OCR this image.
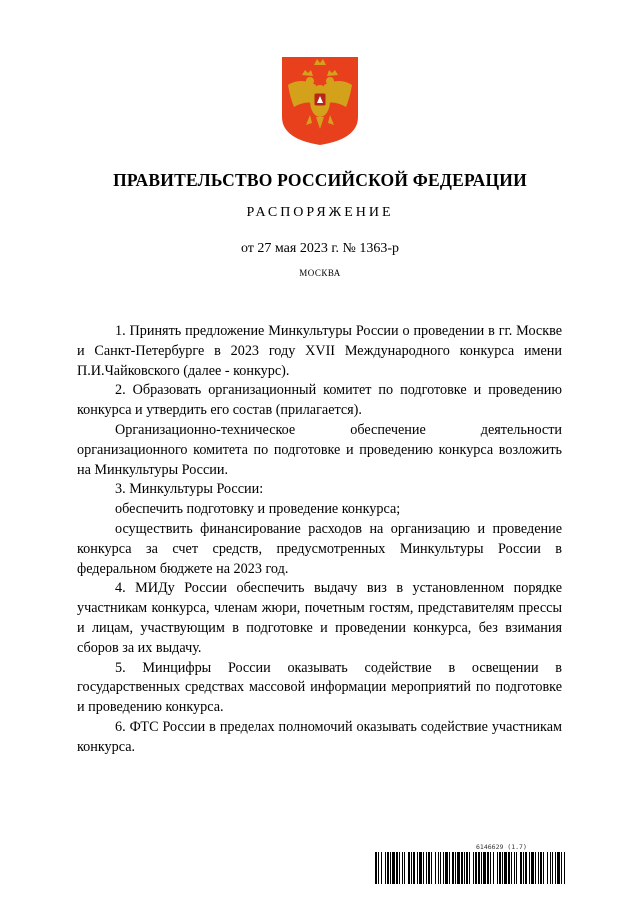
ПРАВИТЕЛЬСТВО РОССИЙСКОЙ ФЕДЕРАЦИИ
РАСПОРЯЖЕНИЕ
от 27 мая 2023 г. № 1363-р
МОСКВА

1. Принять предложение Минкультуры России о проведении в гг. Москве и Санкт-Петербурге в 2023 году XVII Международного конкурса имени П.И.Чайковского (далее - конкурс).

2. Образовать организационный комитет по подготовке и проведению конкурса и утвердить его состав (прилагается).

Организационно-техническое обеспечение деятельности организационного комитета по подготовке и проведению конкурса возложить на Минкультуры России.

3. Минкультуры России:

обеспечить подготовку и проведение конкурса;

осуществить финансирование расходов на организацию и проведение конкурса за счет средств, предусмотренных Минкультуры России в федеральном бюджете на 2023 год.

4. МИДу России обеспечить выдачу виз в установленном порядке участникам конкурса, членам жюри, почетным гостям, представителям прессы и лицам, участвующим в подготовке и проведении конкурса, без взимания сборов за их выдачу.

5. Минцифры России оказывать содействие в освещении в государственных средствах массовой информации мероприятий по подготовке и проведению конкурса.

6. ФТС России в пределах полномочий оказывать содействие участникам конкурса.

6146629 (1.7)
